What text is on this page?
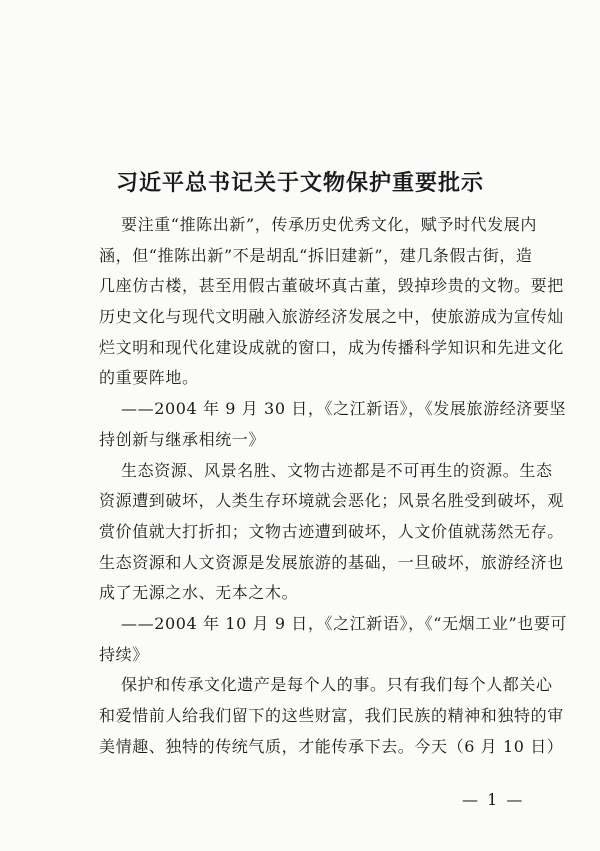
习近平总书记关于文物保护重要批示
要注重“推陈出新”，传承历史优秀文化，赋予时代发展内
涵，但“推陈出新”不是胡乱“拆旧建新”，建几条假古街，造
几座仿古楼，甚至用假古董破坏真古董，毁掉珍贵的文物。要把
历史文化与现代文明融入旅游经济发展之中，使旅游成为宣传灿
烂文明和现代化建设成就的窗口，成为传播科学知识和先进文化
的重要阵地。
——2004 年 9 月 30 日，《之江新语》，《发展旅游经济要坚
持创新与继承相统一》
生态资源、风景名胜、文物古迹都是不可再生的资源。生态
资源遭到破坏，人类生存环境就会恶化；风景名胜受到破坏，观
赏价值就大打折扣；文物古迹遭到破坏，人文价值就荡然无存。
生态资源和人文资源是发展旅游的基础，一旦破坏，旅游经济也
成了无源之水、无本之木。
——2004 年 10 月 9 日，《之江新语》，《“无烟工业”也要可
持续》
保护和传承文化遗产是每个人的事。只有我们每个人都关心
和爱惜前人给我们留下的这些财富，我们民族的精神和独特的审
美情趣、独特的传统气质，才能传承下去。今天（6 月 10 日）
— 1 —
